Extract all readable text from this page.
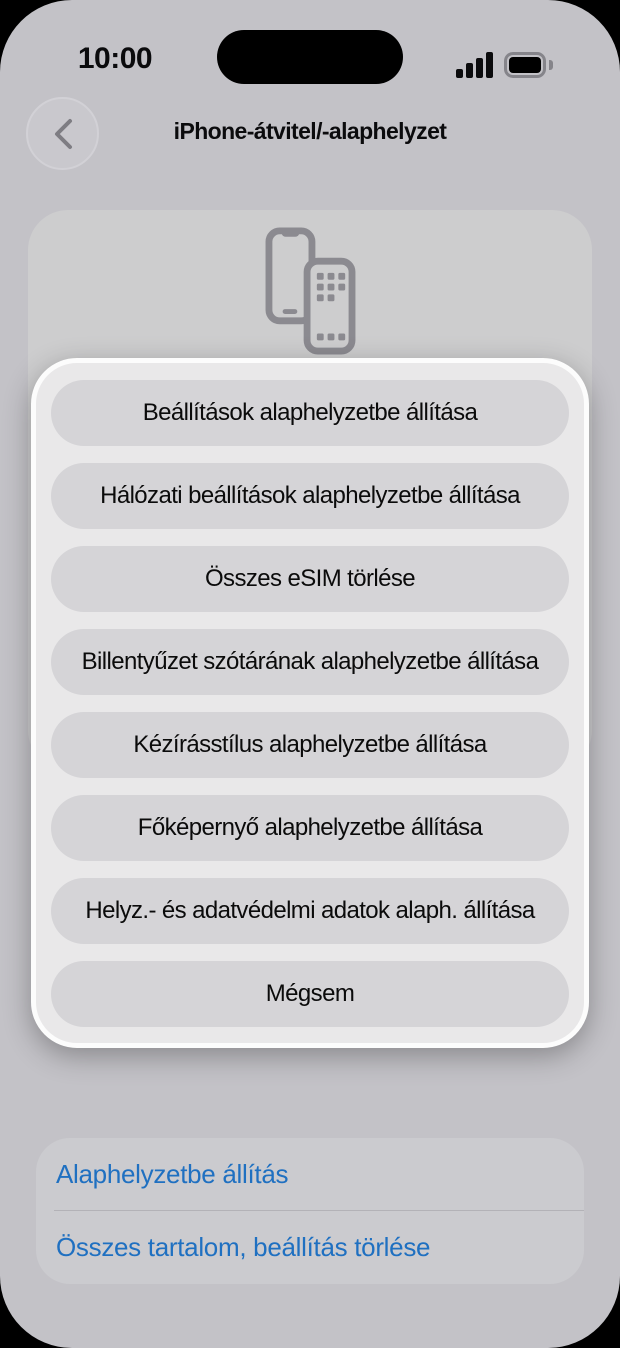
10:00
iPhone-átvitel/-alaphelyzet
Beállítások alaphelyzetbe állítása
Hálózati beállítások alaphelyzetbe állítása
Összes eSIM törlése
Billentyűzet szótárának alaphelyzetbe állítása
Kézírásstílus alaphelyzetbe állítása
Főképernyő alaphelyzetbe állítása
Helyz.- és adatvédelmi adatok alaph. állítása
Mégsem
Alaphelyzetbe állítás
Összes tartalom, beállítás törlése
